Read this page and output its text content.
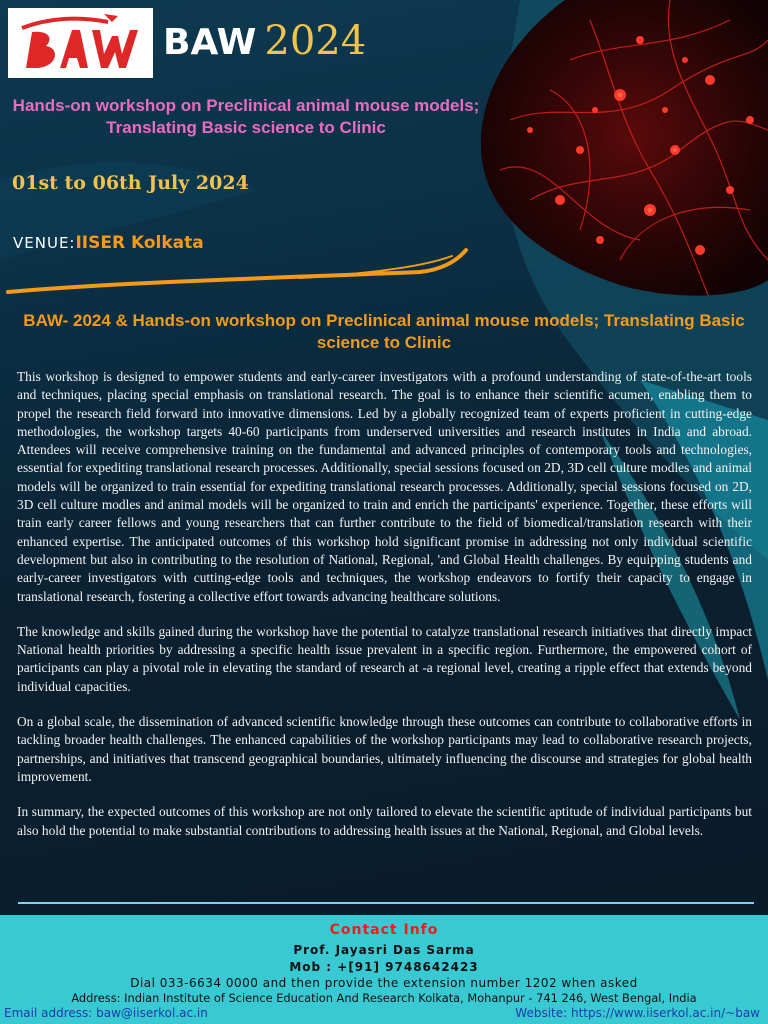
BAW 2024
Hands-on workshop on Preclinical animal mouse models; Translating Basic science to Clinic
01st to 06th July 2024
VENUE:IISER Kolkata
BAW- 2024 & Hands-on workshop on Preclinical animal mouse models; Translating Basic science to Clinic

This workshop is designed to empower students and early-career investigators with a profound understanding of state-of-the-art tools and techniques, placing special emphasis on translational research. The goal is to enhance their scientific acumen, enabling them to propel the research field forward into innovative dimensions. Led by a globally recognized team of experts proficient in cutting-edge methodologies, the workshop targets 40-60 participants from underserved universities and research institutes in India and abroad. Attendees will receive comprehensive training on the fundamental and advanced principles of contemporary tools and technologies, essential for expediting translational research processes. Additionally, special sessions focused on 2D, 3D cell culture modles and animal models will be organized to train essential for expediting translational research processes. Additionally, special sessions focused on 2D, 3D cell culture modles and animal models will be organized to train and enrich the participants' experience. Together, these efforts will train early career fellows and young researchers that can further contribute to the field of biomedical/translation research with their enhanced expertise. The anticipated outcomes of this workshop hold significant promise in addressing not only individual scientific development but also in contributing to the resolution of National, Regional, 'and Global Health challenges. By equipping students and early-career investigators with cutting-edge tools and techniques, the workshop endeavors to fortify their capacity to engage in translational research, fostering a collective effort towards advancing healthcare solutions.

The knowledge and skills gained during the workshop have the potential to catalyze translational research initiatives that directly impact National health priorities by addressing a specific health issue prevalent in a specific region. Furthermore, the empowered cohort of participants can play a pivotal role in elevating the standard of research at -a regional level, creating a ripple effect that extends beyond individual capacities.

On a global scale, the dissemination of advanced scientific knowledge through these outcomes can contribute to collaborative efforts in tackling broader health challenges. The enhanced capabilities of the workshop participants may lead to collaborative research projects, partnerships, and initiatives that transcend geographical boundaries, ultimately influencing the discourse and strategies for global health improvement.

In summary, the expected outcomes of this workshop are not only tailored to elevate the scientific aptitude of individual participants but also hold the potential to make substantial contributions to addressing health issues at the National, Regional, and Global levels.

Contact Info
Prof. Jayasri Das Sarma
Mob : +[91] 9748642423
Dial 033-6634 0000 and then provide the extension number 1202 when asked
Address: Indian Institute of Science Education And Research Kolkata, Mohanpur - 741 246, West Bengal, India
Email address: baw@iiserkol.ac.in	Website: https://www.iiserkol.ac.in/~baw
